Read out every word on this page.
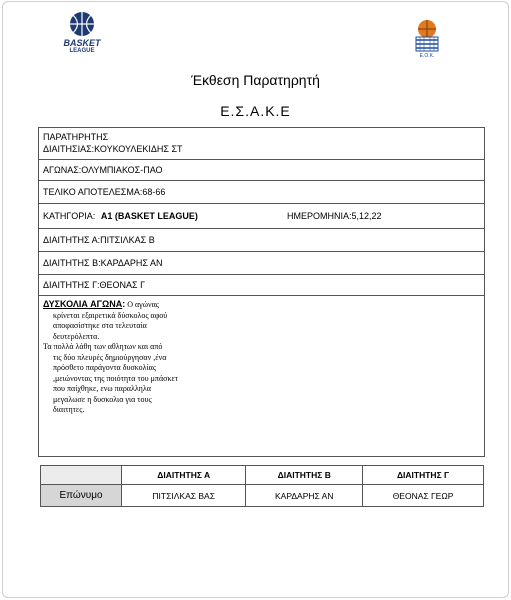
BASKET
LEAGUE
Ε.Ο.Κ.
Έκθεση Παρατηρητή
Ε.Σ.Α.Κ.Ε
ΠΑΡΑΤΗΡΗΤΗΣ
ΔΙΑΙΤΗΣΙΑΣ:ΚΟΥΚΟΥΛΕΚΙΔΗΣ ΣΤ
ΑΓΩΝΑΣ:ΟΛΥΜΠΙΑΚΟΣ-ΠΑΟ
ΤΕΛΙΚΟ ΑΠΟΤΕΛΕΣΜΑ:68-66
ΚΑΤΗΓΟΡΙΑ: A1 (BASKET LEAGUE)	ΗΜΕΡΟΜΗΝΙΑ:5,12,22
ΔΙΑΙΤΗΤΗΣ Α:ΠΙΤΣΙΛΚΑΣ Β
ΔΙΑΙΤΗΤΗΣ Β:ΚΑΡΔΑΡΗΣ ΑΝ
ΔΙΑΙΤΗΤΗΣ Γ:ΘΕΟΝΑΣ Γ
ΔΥΣΚΟΛΙΑ ΑΓΩΝΑ: Ο αγώνας
κρίνεται εξαιρετικά δύσκολος αφού
αποφασίστηκε στα τελευταία
δευτερόλεπτα.
Τα πολλά λάθη των αθλητων και από
τις δύο πλευρές δημιούργησαν ,ένα
πρόσθετο παράγοντα δυσκολίας
,μειώνοντας της ποιότητα του μπάσκετ
που παίχθηκε, ενω παραλληλα
μεγαλωσε η δυσκολια για τους
διαιτητες.
	ΔΙΑΙΤΗΤΗΣ Α	ΔΙΑΙΤΗΤΗΣ Β	ΔΙΑΙΤΗΤΗΣ Γ
Επώνυμο	ΠΙΤΣΙΛΚΑΣ ΒΑΣ	ΚΑΡΔΑΡΗΣ ΑΝ	ΘΕΟΝΑΣ ΓΕΩΡ
